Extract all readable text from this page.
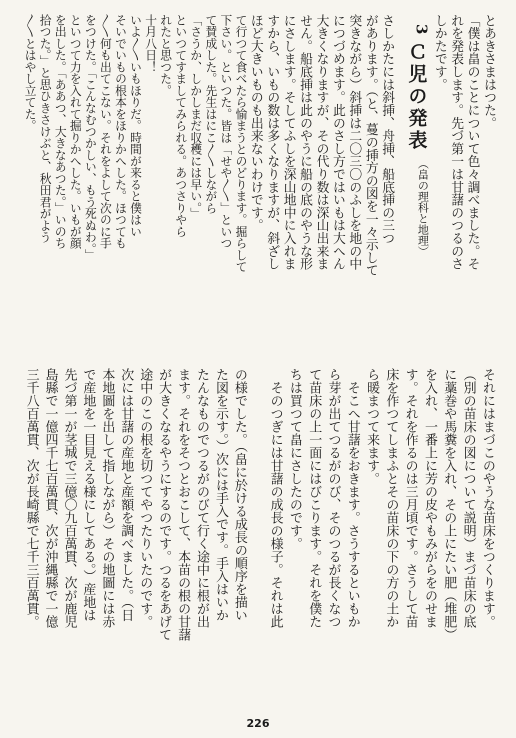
226
て行つて食べたら愉まうとのどります。掘らして
下さい。といつた。皆は「せや〳〵」といつ
て賛成した。先生はにこ〳〵しながら
「さうか、しかしまだ収穫には早い。」
といつてすましてみられる。あつさりやら
れたと思つた。
十月八日！
いよ〳〵いもほりだ。時間が来ると僕はい
そいでいもの根本をほりかへした。ほつても
〳〵何も出てこない。それをよして次のに手
をつけた。「こんなむつかしい、もう死ぬわ。」
といつて力を入れて掘りかへした。いもが顔
を出した。「ああつ、大きなあつた。」いのち
拾つた。」と思ひきさけぶと、秋田君がよう
〳〵とはやし立てた。	とあきさまはつた。
「僕は畠のことについて色々調べました。そ
れを発表します。先づ第一は甘藷のつるのさ
しかたです。
3
Ｃ児の発表
（畠の理科と地理）
さしかたには斜挿、舟挿、船底挿の三つ
があります。（と、蔓の挿方の図を一々示して
突きながら）斜挿は二〇三〇のふしを地の中
につづめます。此のさし方ではいもは大へん
大きくなりますが、その代り数は深山出来ま
せん。船底挿は此のやうに船の底のやうな形
にさします。そしてふしを深山地中に入れま
すから、いもの数は多くなりますが、斜ざし
ほど大きいものも出来ないわけです。
の様でした。（畠に於ける成長の順序を描い
た図を示す。）次には手入です。手入はいか
たんなものでつるがのびて行く途中に根が出
ます。それをそつとおこして、本苗の根の甘藷
が大きくなるやうにするのです。つるをあげて
途中のこの根を切つてやつたりいたのです。
次には甘藷の産地と産額を調べました。（日
本地圖を出して指しながら）その地圖には赤
で産地を一目見える様にしてある。）産地は
先づ第一が茎城で三億〇九百萬貫、次が鹿児
島縣で一億四千七百萬貫、次が沖縄縣で一億
三千八百萬貫、次が長崎縣で七千三百萬貫。	それにはまづこのやうな苗床をつくります。
（別の苗床の図について説明）まづ苗床の底
に藁巻や馬糞を入れ、その上にたい肥（堆肥）
を入れ、一番上に芳の皮やもみがらをのせま
す。それを作るのは三月頃です。さうして苗
床を作つてしまふとその苗床の下の方の土か
ら暖まつて来ます。
　そこへ甘藷をおきます。さうするといもか
ら芽が出てつるがのび、そのつるが長くなつ
て苗床の上一面にはびこります。それを僕た
ちは買つて畠にさしたのです。
　そのつぎには甘藷の成長の様子。それは此
